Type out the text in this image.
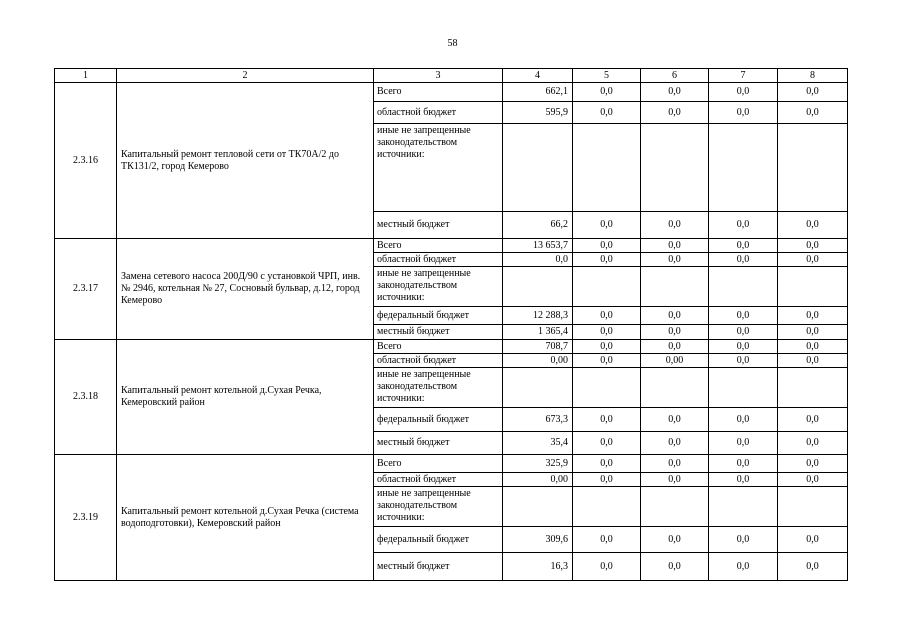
58
1	2	3	4	5	6	7	8
2.3.16	Капитальный ремонт тепловой сети от ТК70А/2 до ТК131/2, город Кемерово	Всего	662,1	0,0	0,0	0,0	0,0
		областной бюджет	595,9	0,0	0,0	0,0	0,0
		иные не запрещенные законодательством источники:					
		местный бюджет	66,2	0,0	0,0	0,0	0,0
2.3.17	Замена сетевого насоса 200Д/90 с установкой ЧРП, инв. № 2946, котельная № 27, Сосновый бульвар, д.12, город Кемерово	Всего	13 653,7	0,0	0,0	0,0	0,0
		областной бюджет	0,0	0,0	0,0	0,0	0,0
		иные не запрещенные законодательством источники:					
		федеральный бюджет	12 288,3	0,0	0,0	0,0	0,0
		местный бюджет	1 365,4	0,0	0,0	0,0	0,0
2.3.18	Капитальный ремонт котельной д.Сухая Речка, Кемеровский район	Всего	708,7	0,0	0,0	0,0	0,0
		областной бюджет	0,00	0,0	0,00	0,0	0,0
		иные не запрещенные законодательством источники:					
		федеральный бюджет	673,3	0,0	0,0	0,0	0,0
		местный бюджет	35,4	0,0	0,0	0,0	0,0
2.3.19	Капитальный ремонт котельной д.Сухая Речка (система водоподготовки), Кемеровский район	Всего	325,9	0,0	0,0	0,0	0,0
		областной бюджет	0,00	0,0	0,0	0,0	0,0
		иные не запрещенные законодательством источники:					
		федеральный бюджет	309,6	0,0	0,0	0,0	0,0
		местный бюджет	16,3	0,0	0,0	0,0	0,0
